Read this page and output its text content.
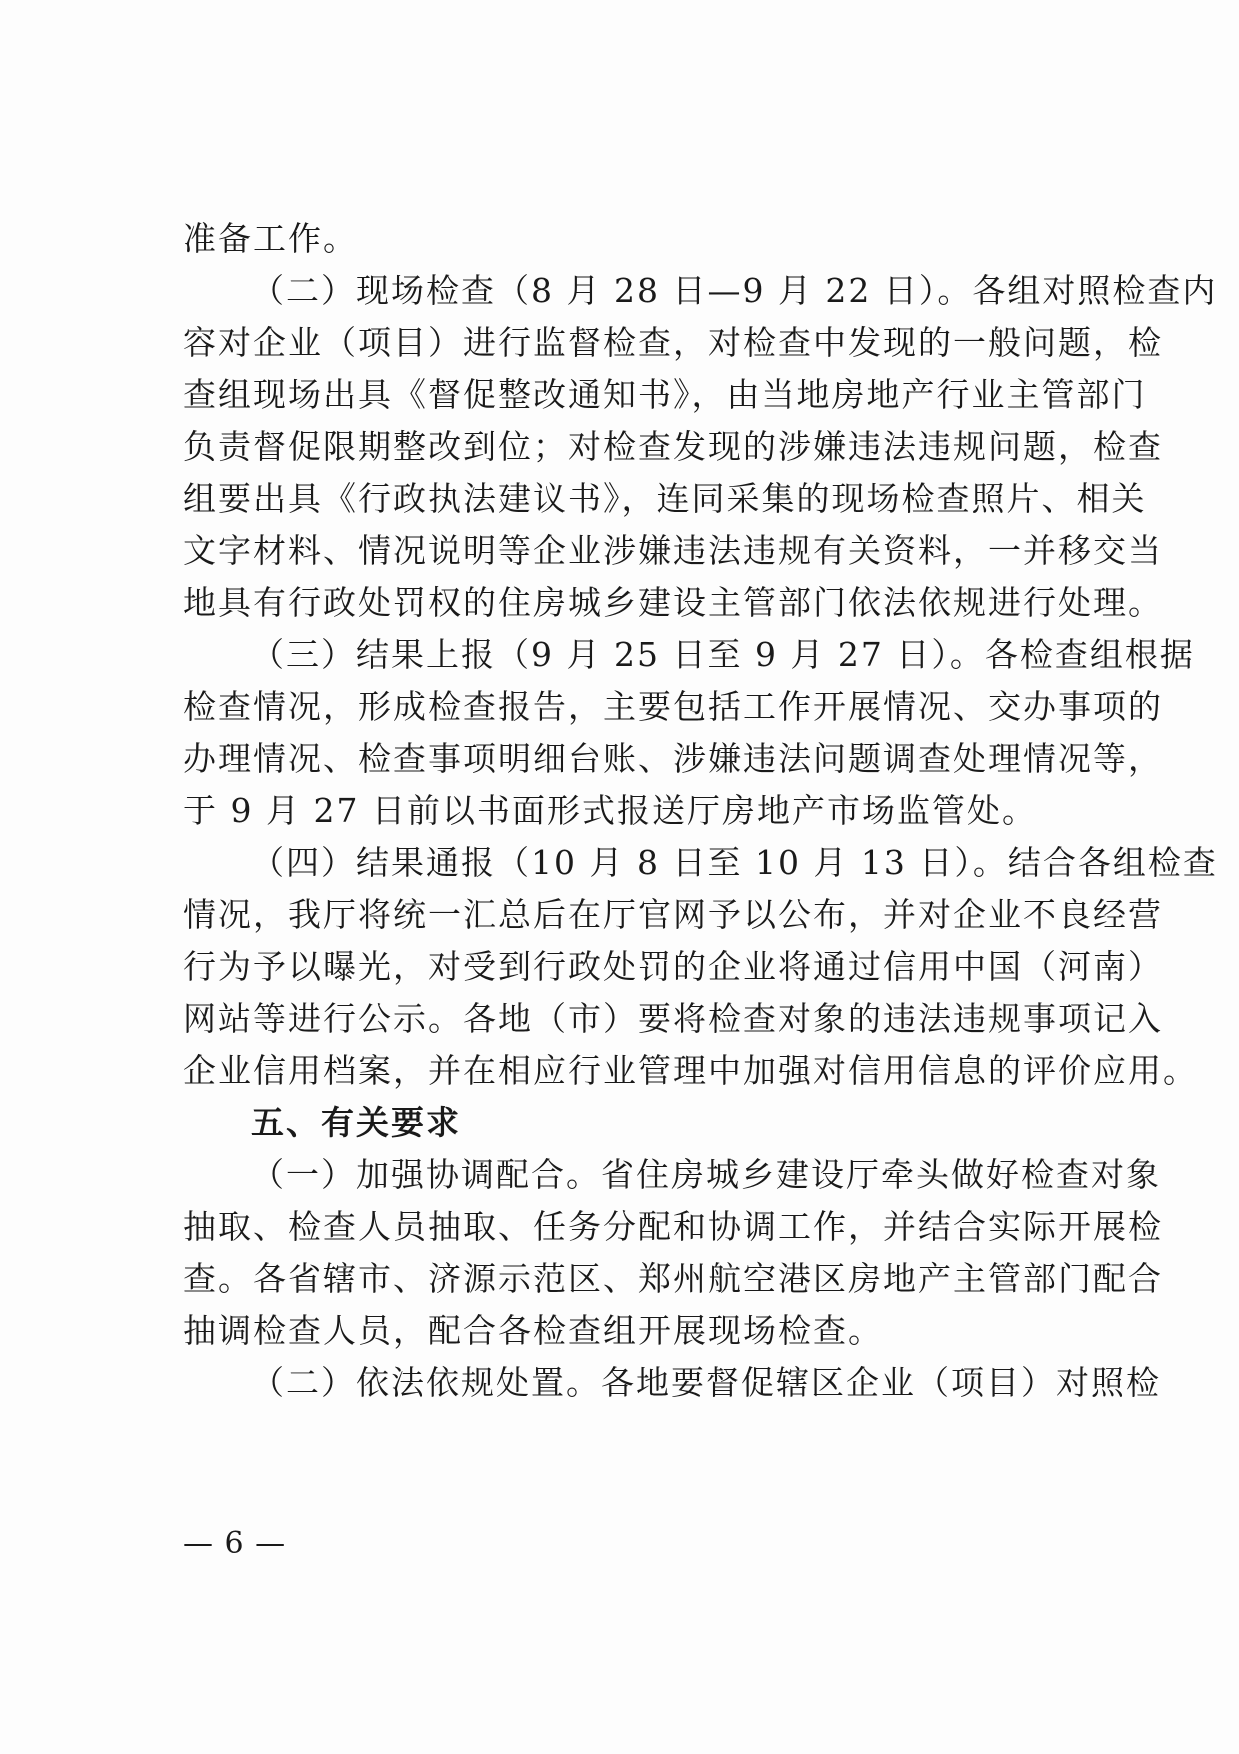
准备工作。
（二）现场检查（8 月 28 日—9 月 22 日）。各组对照检查内
容对企业（项目）进行监督检查，对检查中发现的一般问题，检
查组现场出具《督促整改通知书》，由当地房地产行业主管部门
负责督促限期整改到位；对检查发现的涉嫌违法违规问题，检查
组要出具《行政执法建议书》，连同采集的现场检查照片、相关
文字材料、情况说明等企业涉嫌违法违规有关资料，一并移交当
地具有行政处罚权的住房城乡建设主管部门依法依规进行处理。
（三）结果上报（9 月 25 日至 9 月 27 日）。各检查组根据
检查情况，形成检查报告，主要包括工作开展情况、交办事项的
办理情况、检查事项明细台账、涉嫌违法问题调查处理情况等，
于 9 月 27 日前以书面形式报送厅房地产市场监管处。
（四）结果通报（10 月 8 日至 10 月 13 日）。结合各组检查
情况，我厅将统一汇总后在厅官网予以公布，并对企业不良经营
行为予以曝光，对受到行政处罚的企业将通过信用中国（河南）
网站等进行公示。各地（市）要将检查对象的违法违规事项记入
企业信用档案，并在相应行业管理中加强对信用信息的评价应用。
五、有关要求
（一）加强协调配合。省住房城乡建设厅牵头做好检查对象
抽取、检查人员抽取、任务分配和协调工作，并结合实际开展检
查。各省辖市、济源示范区、郑州航空港区房地产主管部门配合
抽调检查人员，配合各检查组开展现场检查。
（二）依法依规处置。各地要督促辖区企业（项目）对照检
— 6 —
